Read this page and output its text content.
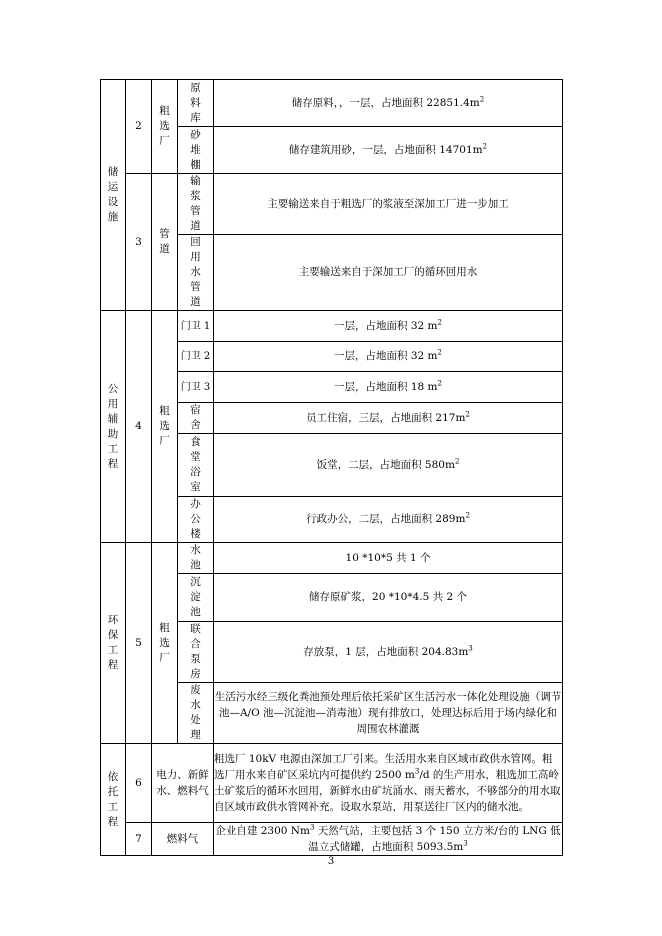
储运设施	2	粗选厂	原料库	储存原料，，一层，占地面积 $22851.4m^2$

			砂堆棚	储存建筑用砂，一层，占地面积 $14701m^2$
	3	管道	输浆管道	主要输送来自于粗选厂的浆液至深加工厂进一步加工

			回用水管道	主要输送来自于深加工厂的循环回用水

公用辅助工程	4	粗选厂	门卫 1	一层，占地面积 32 $m^2$

			门卫 2	一层，占地面积 32 $m^2$

			门卫 3	一层，占地面积 18 $m^2$

			宿舍	员工住宿，三层，占地面积 $217m^2$

			食堂浴室	饭堂，二层，占地面积 $580m^2$

			办公楼	行政办公，二层，占地面积 $289m^2$

环保工程	5	粗选厂	水池	10 *10*5 共 1 个

			沉淀池	储存原矿浆，20 *10*4.5 共 2 个

			联合泵房	存放泵，1 层，占地面积 $204.83m^3$

			废水处理	生活污水经三级化粪池预处理后依托采矿区生活污水一体化处理设施（调节池—A/O 池—沉淀池—消毒池）现有排放口，处理达标后用于场内绿化和周围农林灌溉

依托工程	6	电力、新鲜水、燃料气		粗选厂 10kV 电源由深加工厂引来。生活用水来自区域市政供水管网。粗选厂用水来自矿区采坑内可提供约 2500 $m^3/d$ 的生产用水，粗选加工高岭土矿浆后的循环水回用，新鲜水由矿坑涌水、雨天蓄水，不够部分的用水取自区域市政供水管网补充。设取水泵站，用泵送往厂区内的储水池。
	7	燃料气		企业自建 2300 Nm$^3$ 天然气站，主要包括 3 个 150 立方米/台的 LNG 低温立式储罐，占地面积 $5093.5m^3$
3
